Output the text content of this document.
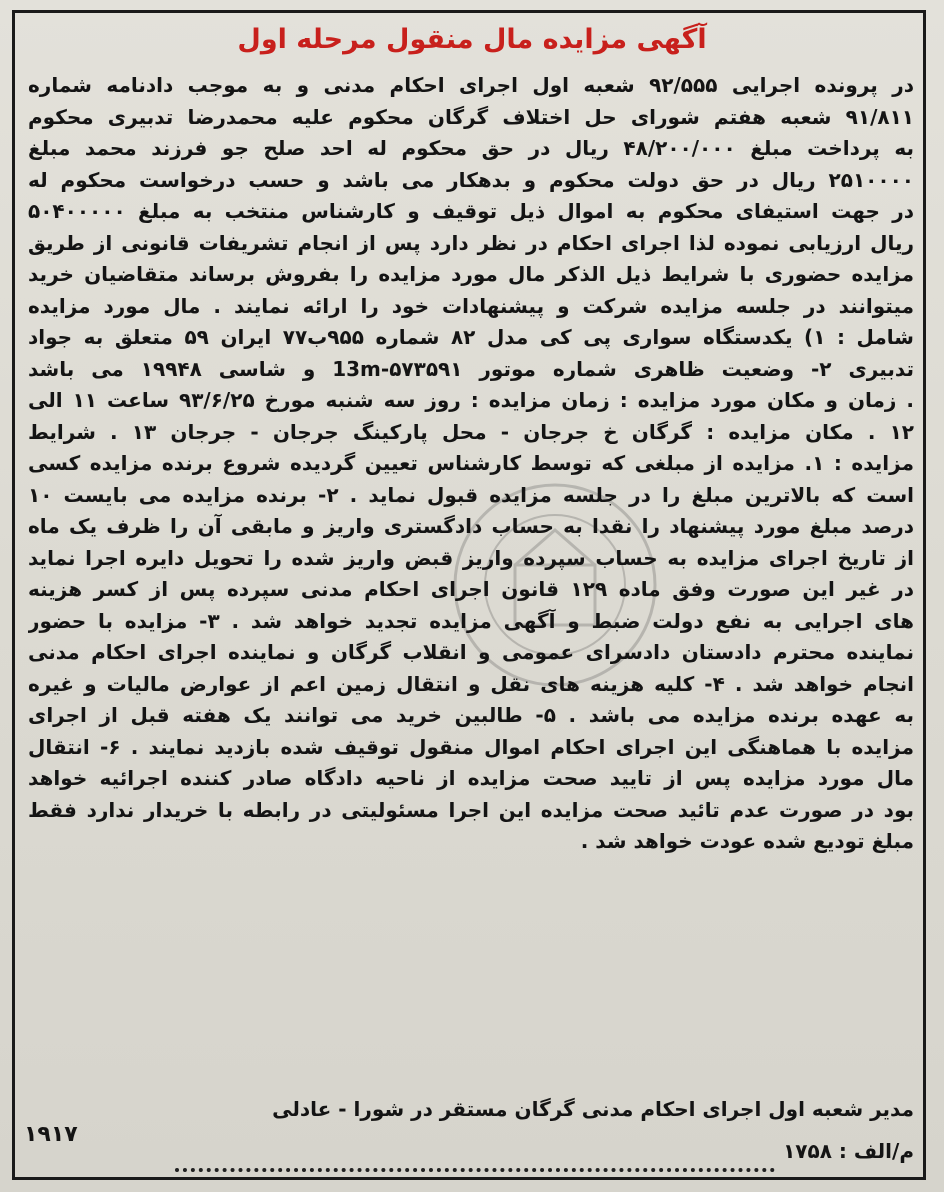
آگهی مزایده مال منقول مرحله اول
در پرونده اجرایی ۹۲/۵۵۵ شعبه اول اجرای احکام مدنی و به موجب دادنامه شماره
۹۱/۸۱۱ شعبه هفتم شورای حل اختلاف گرگان محکوم علیه محمدرضا تدبیری محکوم
به پرداخت مبلغ ۴۸/۲۰۰/۰۰۰ ریال در حق محکوم له احد صلح جو فرزند محمد مبلغ
۲۵۱۰۰۰۰ ریال در حق دولت محکوم و بدهکار می باشد و حسب درخواست محکوم له
در جهت استیفای محکوم به اموال ذیل توقیف و کارشناس منتخب به مبلغ ۵۰۴۰۰۰۰۰
ریال ارزیابی نموده لذا اجرای احکام در نظر دارد پس از انجام تشریفات قانونی از طریق
مزایده حضوری با شرایط ذیل الذکر مال مورد مزایده را بفروش برساند متقاضیان خرید
میتوانند در جلسه مزایده شرکت و پیشنهادات خود را ارائه نمایند . مال مورد مزایده
شامل : ۱) یکدستگاه سواری پی کی مدل ۸۲ شماره ۹۵۵ب۷۷ ایران ۵۹ متعلق به جواد
تدبیری ۲- وضعیت ظاهری شماره موتور 13m-۵۷۳۵۹۱ و شاسی ۱۹۹۴۸ می باشد
. زمان و مکان مورد مزایده : زمان مزایده : روز سه شنبه مورخ ۹۳/۶/۲۵ ساعت ۱۱ الی
۱۲ . مکان مزایده : گرگان خ جرجان - محل پارکینگ جرجان - جرجان ۱۳ . شرایط
مزایده : ۱. مزایده از مبلغی که توسط کارشناس تعیین گردیده شروع برنده مزایده کسی
است که بالاترین مبلغ را در جلسه مزایده قبول نماید . ۲- برنده مزایده می بایست ۱۰
درصد مبلغ مورد پیشنهاد را نقدا به حساب دادگستری واریز و مابقی آن را ظرف یک ماه
از تاریخ اجرای مزایده به حساب سپرده واریز قبض واریز شده را تحویل دایره اجرا نماید
در غیر این صورت وفق ماده ۱۲۹ قانون اجرای احکام مدنی سپرده پس از کسر هزینه
های اجرایی به نفع دولت ضبط و آگهی مزایده تجدید خواهد شد . ۳- مزایده با حضور
نماینده محترم دادستان دادسرای عمومی و انقلاب گرگان و نماینده اجرای احکام مدنی
انجام خواهد شد . ۴- کلیه هزینه های نقل و انتقال زمین اعم از عوارض مالیات و غیره
به عهده برنده مزایده می باشد . ۵- طالبین خرید می توانند یک هفته قبل از اجرای
مزایده با هماهنگی این اجرای احکام اموال منقول توقیف شده بازدید نمایند . ۶- انتقال
مال مورد مزایده پس از تایید صحت مزایده از ناحیه دادگاه صادر کننده اجرائیه خواهد
بود در صورت عدم تائید صحت مزایده این اجرا مسئولیتی در رابطه با خریدار ندارد فقط
مبلغ تودیع شده عودت خواهد شد .
مدیر شعبه اول اجرای احکام مدنی گرگان مستقر در شورا - عادلی
م/الف : ۱۷۵۸
۱۹۱۷
